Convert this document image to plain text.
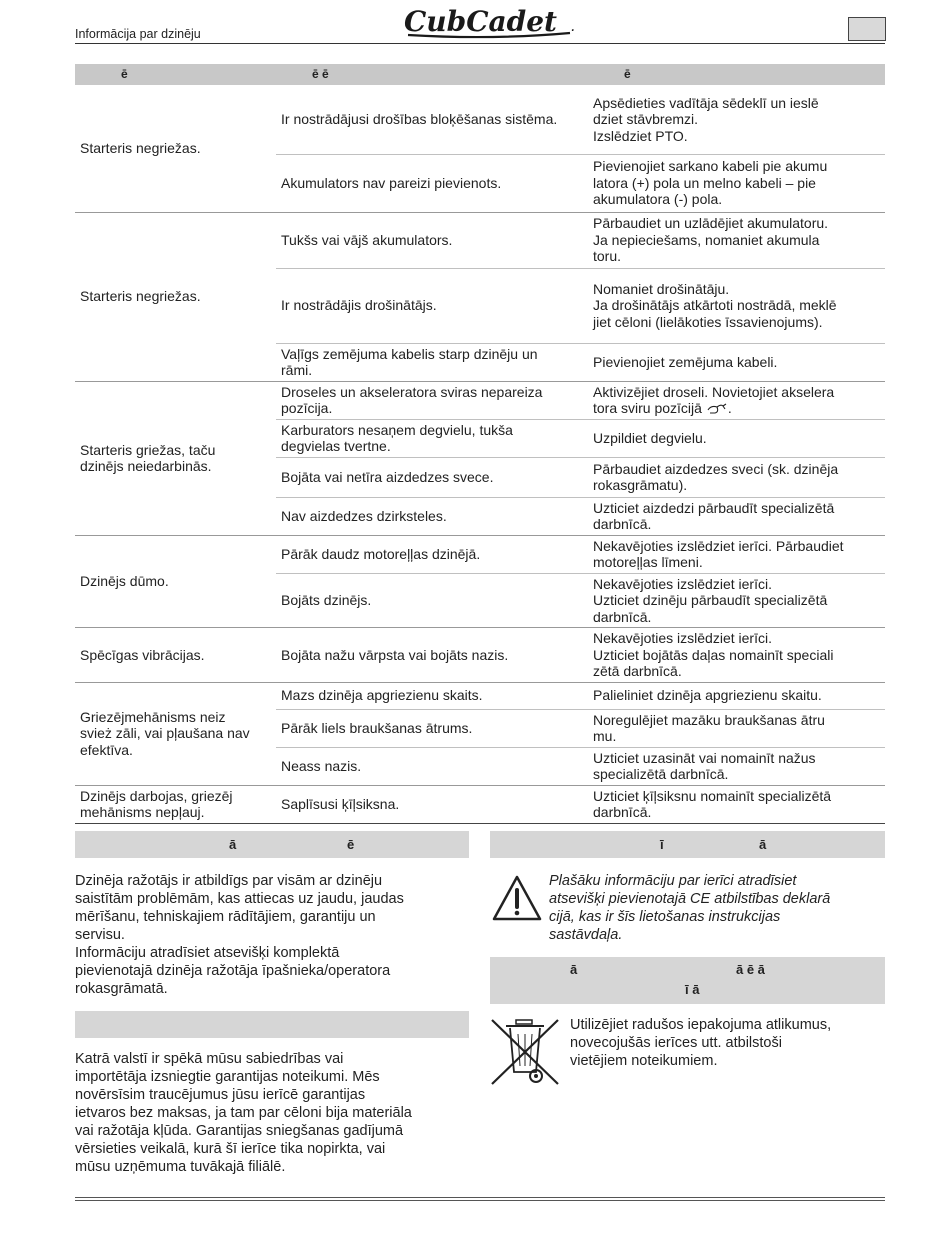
Informācija par dzinēju	CubCadet .
ē	ē ē	ē
Starteris negriežas.	Ir nostrādājusi drošības bloķēšanas sistēma.	Apsēdieties vadītāja sēdeklī un ieslē
dziet stāvbremzi.
Izslēdziet PTO.
	Akumulators nav pareizi pievienots.	Pievienojiet sarkano kabeli pie akumu
latora (+) pola un melno kabeli – pie
akumulatora (-) pola.
Starteris negriežas.	Tukšs vai vājš akumulators.	Pārbaudiet un uzlādējiet akumulatoru.
Ja nepieciešams, nomaniet akumula
toru.
	Ir nostrādājis drošinātājs.	Nomaniet drošinātāju.
Ja drošinātājs atkārtoti nostrādā, meklē
jiet cēloni (lielākoties īssavienojums).
	Vaļīgs zemējuma kabelis starp dzinēju un
rāmi.	Pievienojiet zemējuma kabeli.
Starteris griežas, taču
dzinējs neiedarbinās.	Droseles un akseleratora sviras nepareiza
pozīcija.	Aktivizējiet droseli. Novietojiet akselera
tora sviru pozīcijā .
	Karburators nesaņem degvielu, tukša
degvielas tvertne.	Uzpildiet degvielu.
	Bojāta vai netīra aizdedzes svece.	Pārbaudiet aizdedzes sveci (sk. dzinēja
rokasgrāmatu).
	Nav aizdedzes dzirksteles.	Uzticiet aizdedzi pārbaudīt specializētā
darbnīcā.
Dzinējs dūmo.	Pārāk daudz motoreļļas dzinējā.	Nekavējoties izslēdziet ierīci. Pārbaudiet
motoreļļas līmeni.
	Bojāts dzinējs.	Nekavējoties izslēdziet ierīci.
Uzticiet dzinēju pārbaudīt specializētā
darbnīcā.
Spēcīgas vibrācijas.	Bojāta nažu vārpsta vai bojāts nazis.	Nekavējoties izslēdziet ierīci.
Uzticiet bojātās daļas nomainīt speciali
zētā darbnīcā.
Griezējmehānisms neiz
svież zāli, vai pļaušana nav
efektīva.	Mazs dzinēja apgriezienu skaits.	Palieliniet dzinēja apgriezienu skaitu.
	Pārāk liels braukšanas ātrums.	Noregulējiet mazāku braukšanas ātru
mu.
	Neass nazis.	Uzticiet uzasināt vai nomainīt nažus
specializētā darbnīcā.
Dzinējs darbojas, griezēj
mehānisms nepļauj.	Saplīsusi ķīļsiksna.	Uzticiet ķīļsiksnu nomainīt specializētā
darbnīcā.
ā	ē
Dzinēja ražotājs ir atbildīgs par visām ar dzinēju
saistītām problēmām, kas attiecas uz jaudu, jaudas
mērīšanu, tehniskajiem rādītājiem, garantiju un
servisu.
Informāciju atradīsiet atsevišķi komplektā
pievienotajā dzinēja ražotāja īpašnieka/operatora
rokasgrāmatā.
Katrā valstī ir spēkā mūsu sabiedrības vai
importētāja izsniegtie garantijas noteikumi. Mēs
novērsīsim traucējumus jūsu ierīcē garantijas
ietvaros bez maksas, ja tam par cēloni bija materiāla
vai ražotāja kļūda. Garantijas sniegšanas gadījumā
vērsieties veikalā, kurā šī ierīce tika nopirkta, vai
mūsu uzņēmuma tuvākajā filiālē.
ī	ā
Plašāku informāciju par ierīci atradīsiet
atsevišķi pievienotajā CE atbilstības deklarā
cijā, kas ir šīs lietošanas instrukcijas
sastāvdaļa.
ā	ā ē ā
ī ā
Utilizējiet radušos iepakojuma atlikumus,
novecojušās ierīces utt. atbilstoši
vietējiem noteikumiem.
